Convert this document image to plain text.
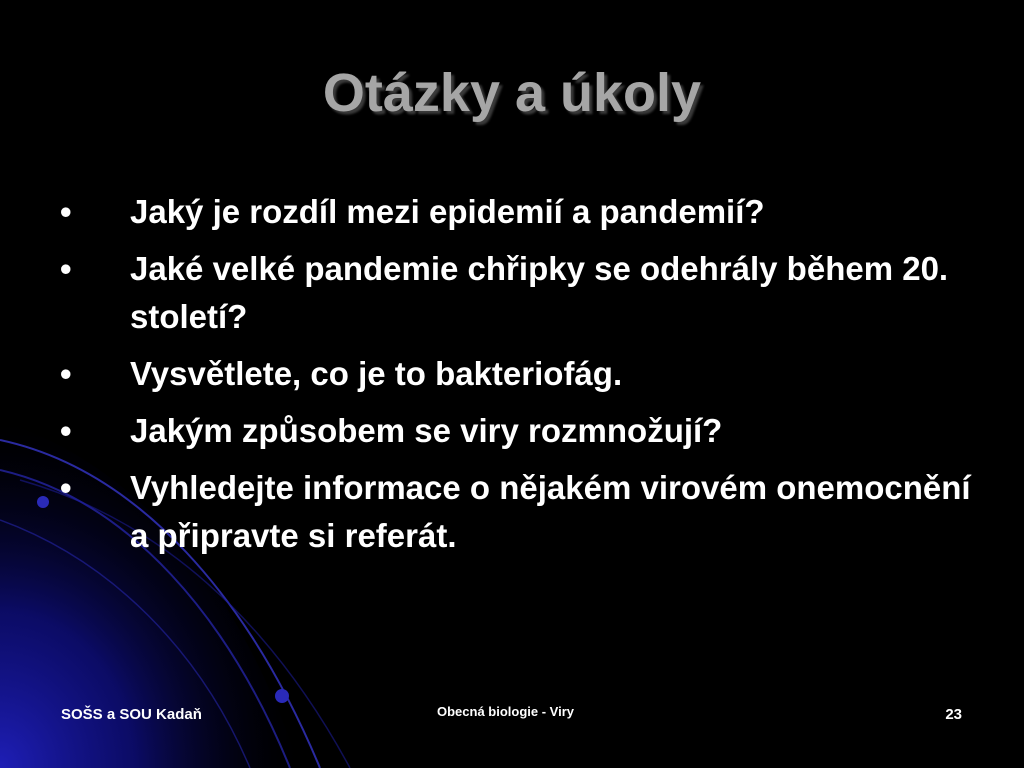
Otázky a úkoly
•	Jaký je rozdíl mezi epidemií a pandemií?
•	Jaké velké pandemie chřipky se odehrály během 20. století?
•	Vysvětlete, co je to bakteriofág.
•	Jakým způsobem se viry rozmnožují?
•	Vyhledejte informace o nějakém virovém onemocnění a připravte si referát.
SOŠS a SOU Kadaň	Obecná biologie - Viry	23
